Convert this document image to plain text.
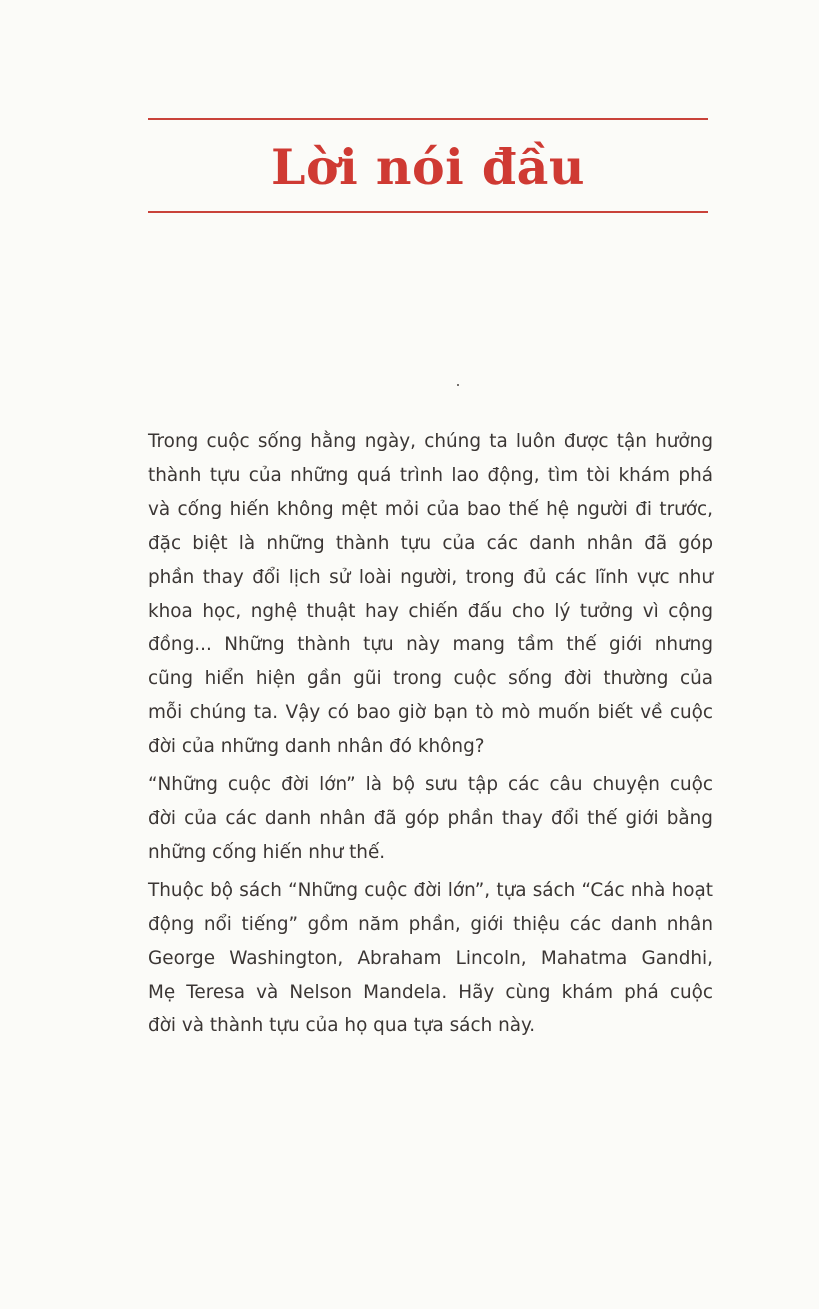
Lời nói đầu

Trong cuộc sống hằng ngày, chúng ta luôn được tận hưởng
thành tựu của những quá trình lao động, tìm tòi khám phá
và cống hiến không mệt mỏi của bao thế hệ người đi trước,
đặc biệt là những thành tựu của các danh nhân đã góp
phần thay đổi lịch sử loài người, trong đủ các lĩnh vực như
khoa học, nghệ thuật hay chiến đấu cho lý tưởng vì cộng
đồng... Những thành tựu này mang tầm thế giới nhưng
cũng hiển hiện gần gũi trong cuộc sống đời thường của
mỗi chúng ta. Vậy có bao giờ bạn tò mò muốn biết về cuộc
đời của những danh nhân đó không?

“Những cuộc đời lớn” là bộ sưu tập các câu chuyện cuộc
đời của các danh nhân đã góp phần thay đổi thế giới bằng
những cống hiến như thế.

Thuộc bộ sách “Những cuộc đời lớn”, tựa sách “Các nhà hoạt
động nổi tiếng” gồm năm phần, giới thiệu các danh nhân
George Washington, Abraham Lincoln, Mahatma Gandhi,
Mẹ Teresa và Nelson Mandela. Hãy cùng khám phá cuộc
đời và thành tựu của họ qua tựa sách này.
